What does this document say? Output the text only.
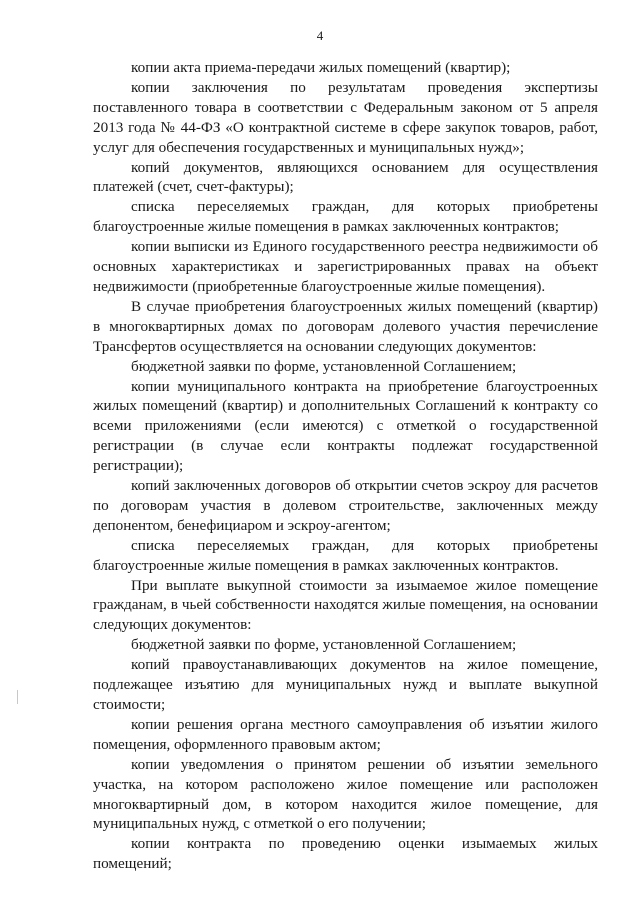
4

копии акта приема-передачи жилых помещений (квартир);

копии заключения по результатам проведения экспертизы поставленного товара в соответствии с Федеральным законом от 5 апреля 2013 года № 44-ФЗ «О контрактной системе в сфере закупок товаров, работ, услуг для обеспечения государственных и муниципальных нужд»;

копий документов, являющихся основанием для осуществления платежей (счет, счет-фактуры);

списка переселяемых граждан, для которых приобретены благоустроенные жилые помещения в рамках заключенных контрактов;

копии выписки из Единого государственного реестра недвижимости об основных характеристиках и зарегистрированных правах на объект недвижимости (приобретенные благоустроенные жилые помещения).

В случае приобретения благоустроенных жилых помещений (квартир) в многоквартирных домах по договорам долевого участия перечисление Трансфертов осуществляется на основании следующих документов:

бюджетной заявки по форме, установленной Соглашением;

копии муниципального контракта на приобретение благоустроенных жилых помещений (квартир) и дополнительных Соглашений к контракту со всеми приложениями (если имеются) с отметкой о государственной регистрации (в случае если контракты подлежат государственной регистрации);

копий заключенных договоров об открытии счетов эскроу для расчетов по договорам участия в долевом строительстве, заключенных между депонентом, бенефициаром и эскроу-агентом;

списка переселяемых граждан, для которых приобретены благоустроенные жилые помещения в рамках заключенных контрактов.

При выплате выкупной стоимости за изымаемое жилое помещение гражданам, в чьей собственности находятся жилые помещения, на основании следующих документов:

бюджетной заявки по форме, установленной Соглашением;

копий правоустанавливающих документов на жилое помещение, подлежащее изъятию для муниципальных нужд и выплате выкупной стоимости;

копии решения органа местного самоуправления об изъятии жилого помещения, оформленного правовым актом;

копии уведомления о принятом решении об изъятии земельного участка, на котором расположено жилое помещение или расположен многоквартирный дом, в котором находится жилое помещение, для муниципальных нужд, с отметкой о его получении;

копии контракта по проведению оценки изымаемых жилых помещений;
